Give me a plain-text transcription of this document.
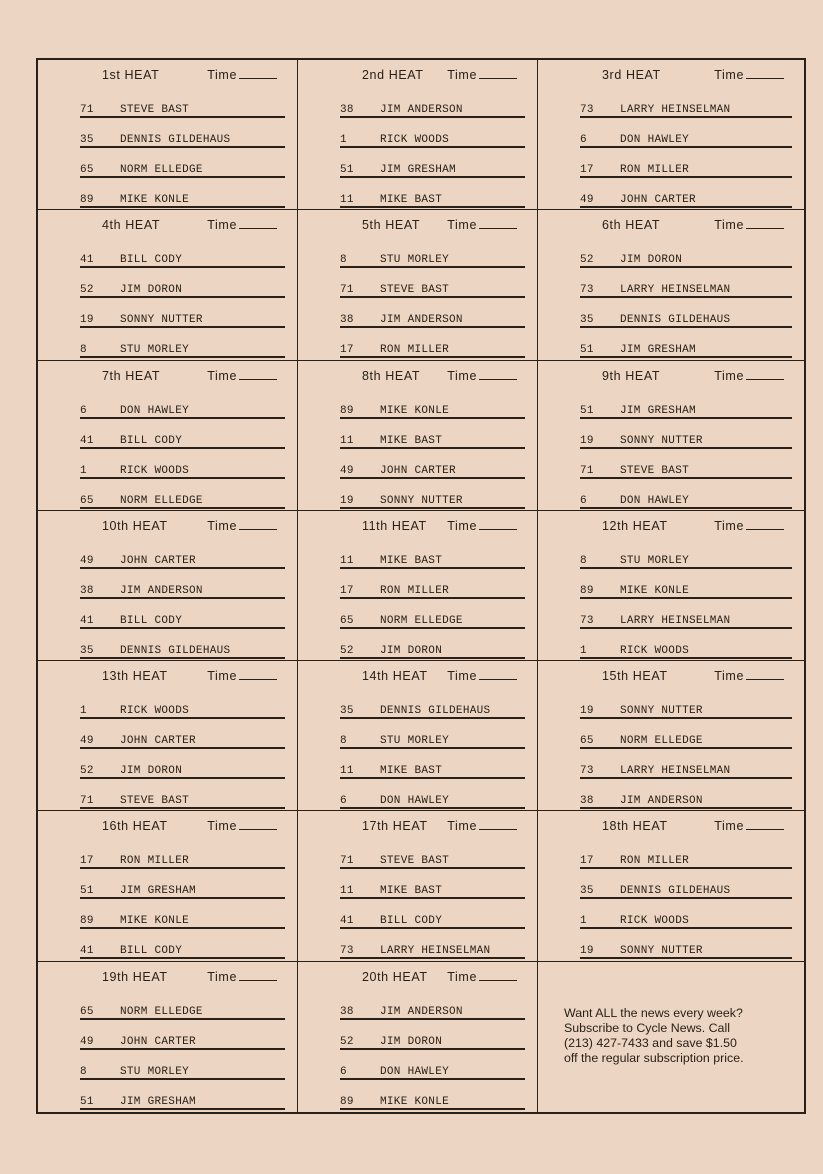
1st HEAT	Time
71	STEVE BAST
35	DENNIS GILDEHAUS
65	NORM ELLEDGE
89	MIKE KONLE
2nd HEAT Time
38	JIM ANDERSON
1	RICK WOODS
51	JIM GRESHAM
11	MIKE BAST
3rd HEAT	Time
73	LARRY HEINSELMAN
6	DON HAWLEY
17	RON MILLER
49	JOHN CARTER
4th HEAT	Time
41	BILL CODY
52	JIM DORON
19	SONNY NUTTER
8	STU MORLEY
5th HEAT Time
8	STU MORLEY
71	STEVE BAST
38	JIM ANDERSON
17	RON MILLER
6th HEAT	Time
52	JIM DORON
73	LARRY HEINSELMAN
35	DENNIS GILDEHAUS
51	JIM GRESHAM
7th HEAT	Time
6	DON HAWLEY
41	BILL CODY
1	RICK WOODS
65	NORM ELLEDGE
8th HEAT Time
89	MIKE KONLE
11	MIKE BAST
49	JOHN CARTER
19	SONNY NUTTER
9th HEAT	Time
51	JIM GRESHAM
19	SONNY NUTTER
71	STEVE BAST
6	DON HAWLEY
10th HEAT	Time
49	JOHN CARTER
38	JIM ANDERSON
41	BILL CODY
35	DENNIS GILDEHAUS
11th HEAT Time
11	MIKE BAST
17	RON MILLER
65	NORM ELLEDGE
52	JIM DORON
12th HEAT	Time
8	STU MORLEY
89	MIKE KONLE
73	LARRY HEINSELMAN
1	RICK WOODS
13th HEAT	Time
1	RICK WOODS
49	JOHN CARTER
52	JIM DORON
71	STEVE BAST
14th HEAT Time
35	DENNIS GILDEHAUS
8	STU MORLEY
11	MIKE BAST
6	DON HAWLEY
15th HEAT	Time
19	SONNY NUTTER
65	NORM ELLEDGE
73	LARRY HEINSELMAN
38	JIM ANDERSON
16th HEAT	Time
17	RON MILLER
51	JIM GRESHAM
89	MIKE KONLE
41	BILL CODY
17th HEAT Time
71	STEVE BAST
11	MIKE BAST
41	BILL CODY
73	LARRY HEINSELMAN
18th HEAT	Time
17	RON MILLER
35	DENNIS GILDEHAUS
1	RICK WOODS
19	SONNY NUTTER
19th HEAT	Time
65	NORM ELLEDGE
49	JOHN CARTER
8	STU MORLEY
51	JIM GRESHAM
20th HEAT Time
38	JIM ANDERSON
52	JIM DORON
6	DON HAWLEY
89	MIKE KONLE
Want ALL the news every week?
Subscribe to Cycle News. Call
(213) 427-7433 and save $1.50
off the regular subscription price.
